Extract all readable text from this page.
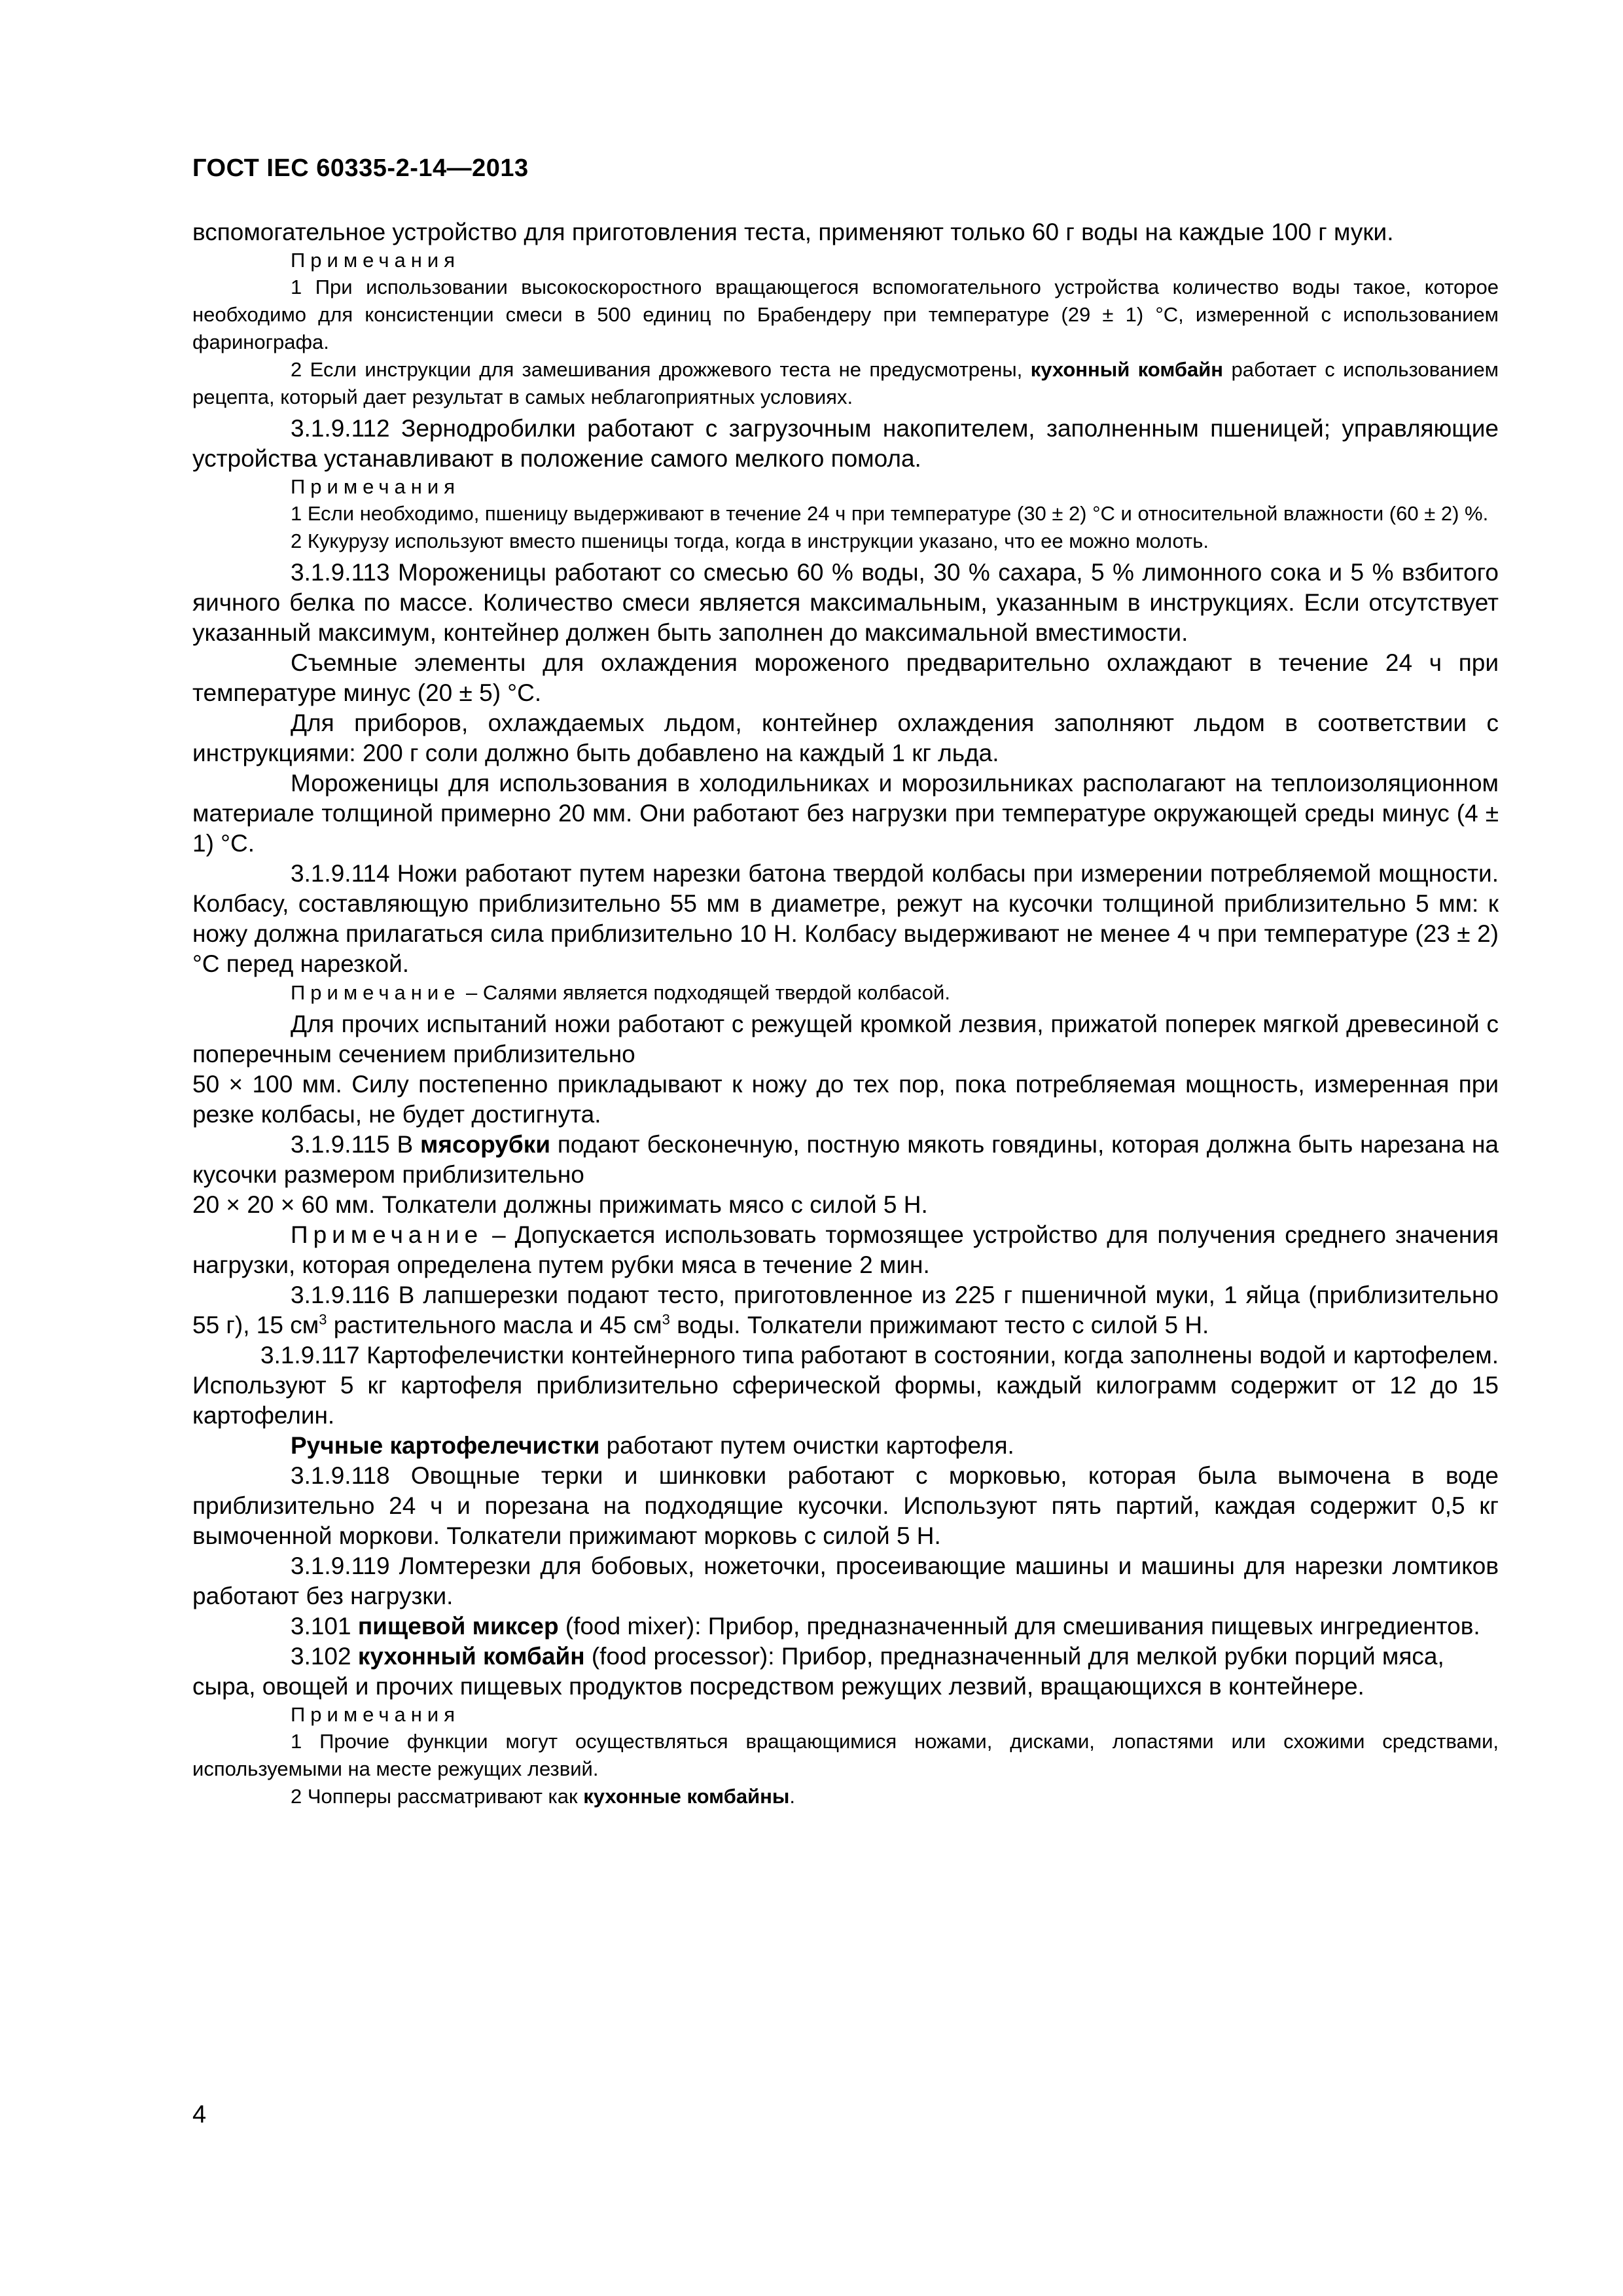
ГОСТ IEC 60335-2-14—2013

вспомогательное устройство для приготовления теста, применяют только 60 г воды на каждые 100 г муки.

Примечания

1 При использовании высокоскоростного вращающегося вспомогательного устройства количество воды такое, которое необходимо для консистенции смеси в 500 единиц по Брабендеру при температуре (29 ± 1) °С, измеренной с использованием фаринографа.

2 Если инструкции для замешивания дрожжевого теста не предусмотрены, кухонный комбайн работает с использованием рецепта, который дает результат в самых неблагоприятных условиях.

3.1.9.112 Зернодробилки работают с загрузочным накопителем, заполненным пшеницей; управляющие устройства устанавливают в положение самого мелкого помола.

Примечания

1 Если необходимо, пшеницу выдерживают в течение 24 ч при температуре (30 ± 2) °С и относительной влажности (60 ± 2) %.

2 Кукурузу используют вместо пшеницы тогда, когда в инструкции указано, что ее можно молоть.

3.1.9.113 Мороженицы работают со смесью 60 % воды, 30 % сахара, 5 % лимонного сока и 5 % взбитого яичного белка по массе. Количество смеси является максимальным, указанным в инструкциях. Если отсутствует указанный максимум, контейнер должен быть заполнен до максимальной вместимости.

Съемные элементы для охлаждения мороженого предварительно охлаждают в течение 24 ч при температуре минус (20 ± 5) °С.

Для приборов, охлаждаемых льдом, контейнер охлаждения заполняют льдом в соответствии с инструкциями: 200 г соли должно быть добавлено на каждый 1 кг льда.

Мороженицы для использования в холодильниках и морозильниках располагают на теплоизоляционном материале толщиной примерно 20 мм. Они работают без нагрузки при температуре окружающей среды минус (4 ± 1) °С.

3.1.9.114 Ножи работают путем нарезки батона твердой колбасы при измерении потребляемой мощности. Колбасу, составляющую приблизительно 55 мм в диаметре, режут на кусочки толщиной приблизительно 5 мм: к ножу должна прилагаться сила приблизительно 10 Н. Колбасу выдерживают не менее 4 ч при температуре (23 ± 2) °С перед нарезкой.

Примечание – Салями является подходящей твердой колбасой.

Для прочих испытаний ножи работают с режущей кромкой лезвия, прижатой поперек мягкой древесиной с поперечным сечением приблизительно

50 × 100 мм. Силу постепенно прикладывают к ножу до тех пор, пока потребляемая мощность, измеренная при резке колбасы, не будет достигнута.

3.1.9.115 В мясорубки подают бесконечную, постную мякоть говядины, которая должна быть нарезана на кусочки размером приблизительно

20 × 20 × 60 мм. Толкатели должны прижимать мясо с силой 5 Н.

Примечание – Допускается использовать тормозящее устройство для получения среднего значения нагрузки, которая определена путем рубки мяса в течение 2 мин.

3.1.9.116 В лапшерезки подают тесто, приготовленное из 225 г пшеничной муки, 1 яйца (приблизительно 55 г), 15 $см^3$ растительного масла и 45 $см^3$ воды. Толкатели прижимают тесто с силой 5 Н.

3.1.9.117 Картофелечистки контейнерного типа работают в состоянии, когда заполнены водой и картофелем. Используют 5 кг картофеля приблизительно сферической формы, каждый килограмм содержит от 12 до 15 картофелин.

Ручные картофелечистки работают путем очистки картофеля.

3.1.9.118 Овощные терки и шинковки работают с морковью, которая была вымочена в воде приблизительно 24 ч и порезана на подходящие кусочки. Используют пять партий, каждая содержит 0,5 кг вымоченной моркови. Толкатели прижимают морковь с силой 5 Н.

3.1.9.119 Ломтерезки для бобовых, ножеточки, просеивающие машины и машины для нарезки ломтиков работают без нагрузки.

3.101 пищевой миксер (food mixer): Прибор, предназначенный для смешивания пищевых ингредиентов.

3.102 кухонный комбайн (food processor): Прибор, предназначенный для мелкой рубки порций мяса, сыра, овощей и прочих пищевых продуктов посредством режущих лезвий, вращающихся в контейнере.

Примечания

1 Прочие функции могут осуществляться вращающимися ножами, дисками, лопастями или схожими средствами, используемыми на месте режущих лезвий.

2 Чопперы рассматривают как кухонные комбайны.

4
